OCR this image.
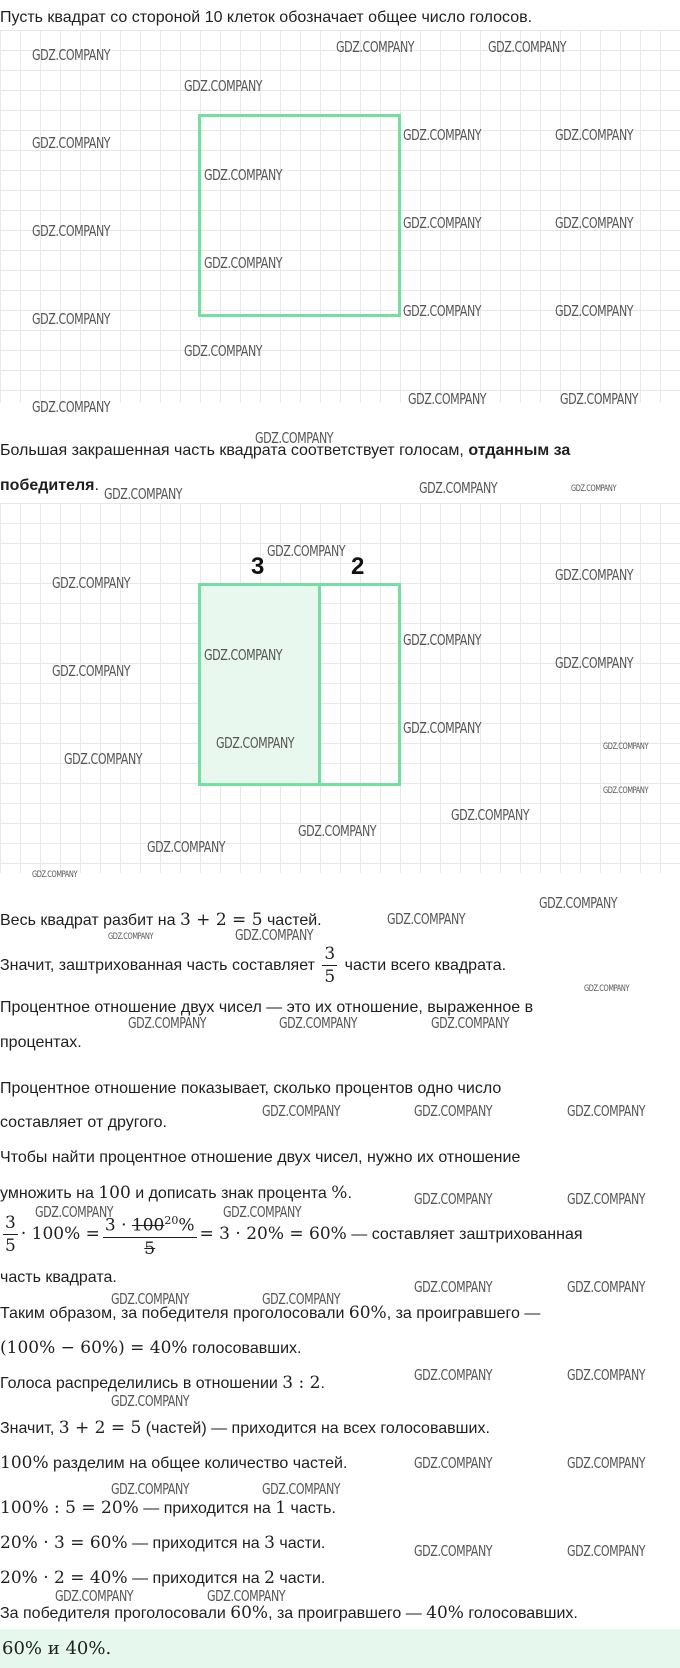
Пусть квадрат со стороной 10 клеток обозначает общее число голосов.
Большая закрашенная часть квадрата соответствует голосам, отданным за
победителя.
3	2
Весь квадрат разбит на 3 + 2 = 5 частей.
Значит, заштрихованная часть составляет $\frac{3}{5}$ части всего квадрата.
Процентное отношение двух чисел — это их отношение, выраженное в
процентах.
Процентное отношение показывает, сколько процентов одно число
составляет от другого.
Чтобы найти процентное отношение двух чисел, нужно их отношение
умножить на 100 и дописать знак процента %.
$\frac{3}{5} \cdot 100\% = \frac{3 \cdot 100^{20}\%}{5} = 3 \cdot 20\% = 60\%$ — составляет заштрихованная
часть квадрата.
Таким образом, за победителя проголосовали 60%, за проигравшего —
(100% − 60%) = 40% голосовавших.
Голоса распределились в отношении 3 : 2.
Значит, 3 + 2 = 5 (частей) — приходится на всех голосовавших.
100% разделим на общее количество частей.
100% : 5 = 20% — приходится на 1 часть.
20% · 3 = 60% — приходится на 3 части.
20% · 2 = 40% — приходится на 2 части.
За победителя проголосовали 60%, за проигравшего — 40% голосовавших.
60% и 40%.
GDZ.COMPANY	GDZ.COMPANY	GDZ.COMPANY
GDZ.COMPANY
GDZ.COMPANY	GDZ.COMPANY	GDZ.COMPANY
GDZ.COMPANY
GDZ.COMPANY	GDZ.COMPANY	GDZ.COMPANY
GDZ.COMPANY
GDZ.COMPANY	GDZ.COMPANY	GDZ.COMPANY
GDZ.COMPANY
GDZ.COMPANY	GDZ.COMPANY	GDZ.COMPANY
GDZ.COMPANY
GDZ.COMPANY	GDZ.COMPANY	GDZ.COMPANY
GDZ.COMPANY
GDZ.COMPANY	GDZ.COMPANY
GDZ.COMPANY
GDZ.COMPANY
GDZ.COMPANY	GDZ.COMPANY
GDZ.COMPANY
GDZ.COMPANY
GDZ.COMPANY
GDZ.COMPANY
GDZ.COMPANY
GDZ.COMPANY
GDZ.COMPANY
GDZ.COMPANY
GDZ.COMPANY
GDZ.COMPANY
GDZ.COMPANY
GDZ.COMPANY	GDZ.COMPANY
GDZ.COMPANY
GDZ.COMPANY	GDZ.COMPANY	GDZ.COMPANY
GDZ.COMPANY	GDZ.COMPANY	GDZ.COMPANY
GDZ.COMPANY	GDZ.COMPANY
GDZ.COMPANY	GDZ.COMPANY
GDZ.COMPANY	GDZ.COMPANY
GDZ.COMPANY	GDZ.COMPANY
GDZ.COMPANY	GDZ.COMPANY
GDZ.COMPANY
GDZ.COMPANY	GDZ.COMPANY
GDZ.COMPANY	GDZ.COMPANY
GDZ.COMPANY	GDZ.COMPANY
GDZ.COMPANY	GDZ.COMPANY
